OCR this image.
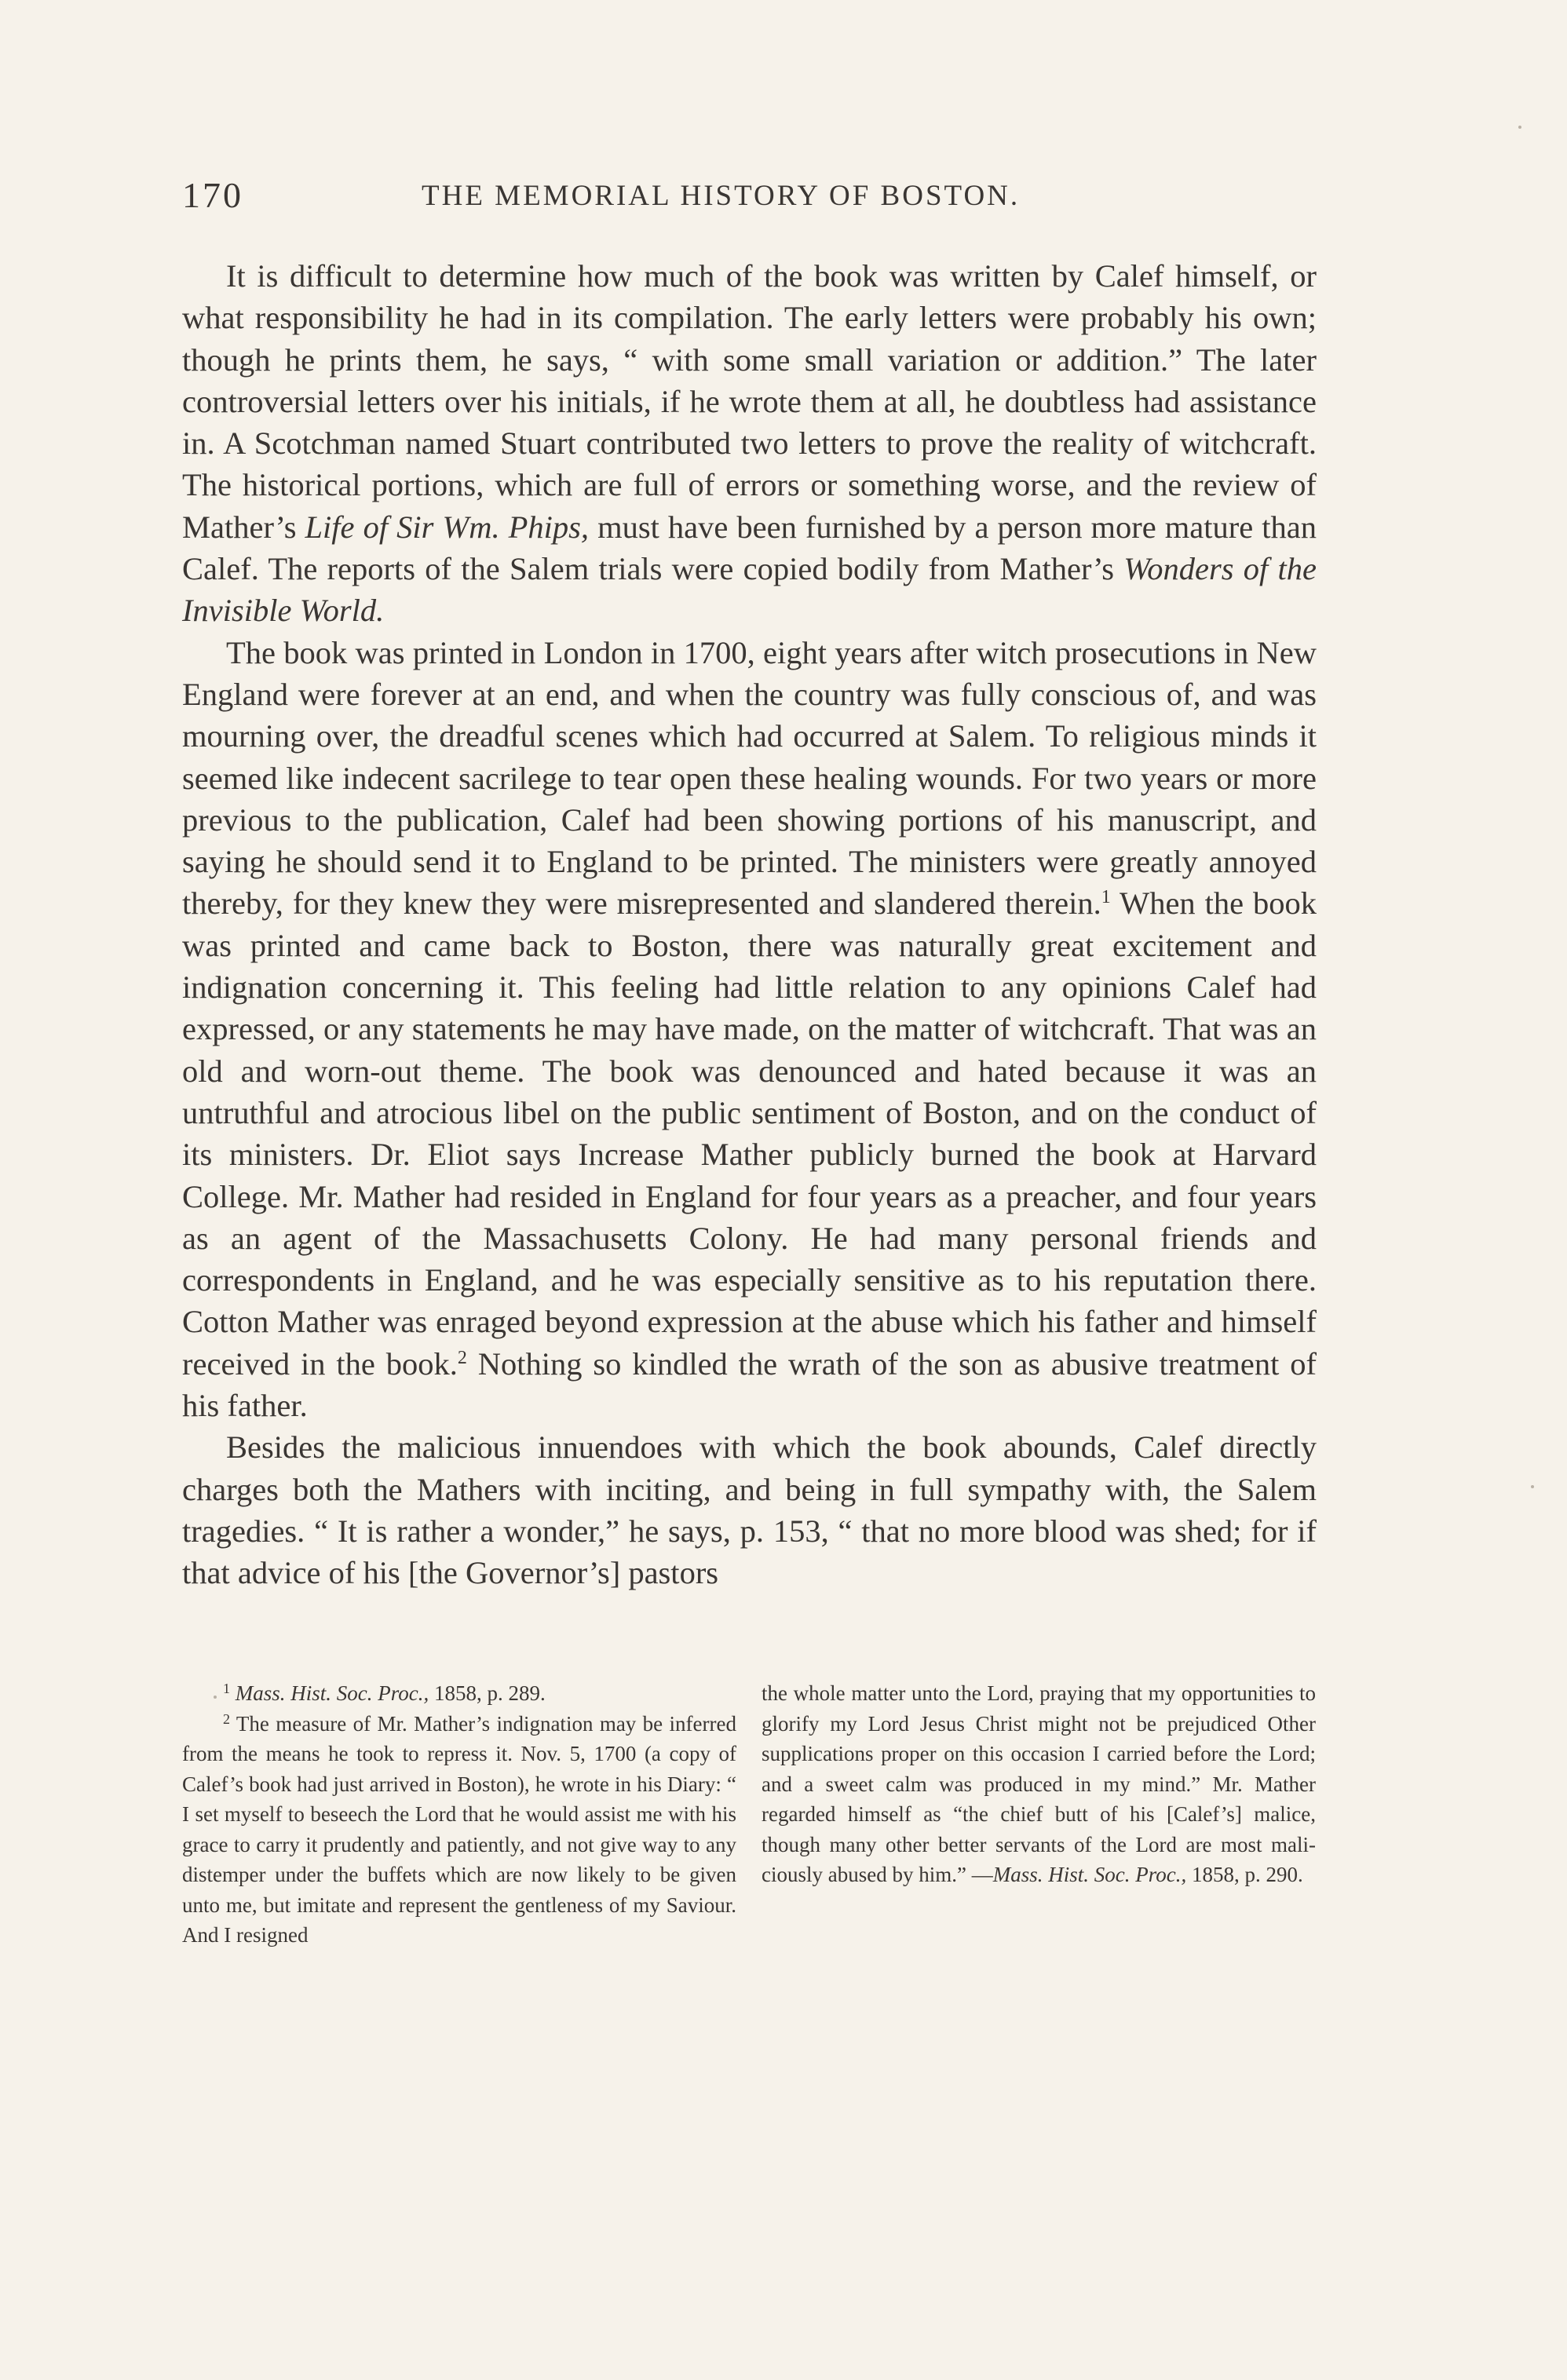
170	THE MEMORIAL HISTORY OF BOSTON.

It is difficult to determine how much of the book was written by Calef himself, or what responsibility he had in its compilation. The early letters were probably his own; though he prints them, he says, “ with some small variation or addition.” The later controversial letters over his initials, if he wrote them at all, he doubtless had assistance in. A Scotchman named Stuart contributed two letters to prove the reality of witchcraft. The historical portions, which are full of errors or something worse, and the review of Mather’s Life of Sir Wm. Phips, must have been furnished by a person more mature than Calef. The reports of the Salem trials were copied bodily from Mather’s Wonders of the Invisible World.

The book was printed in London in 1700, eight years after witch prosecutions in New England were forever at an end, and when the country was fully conscious of, and was mourning over, the dreadful scenes which had occurred at Salem. To religious minds it seemed like indecent sacrilege to tear open these healing wounds. For two years or more previous to the publication, Calef had been showing portions of his manuscript, and saying he should send it to England to be printed. The ministers were greatly annoyed thereby, for they knew they were misrepresented and slandered therein.$^1$ When the book was printed and came back to Boston, there was naturally great excitement and indignation concerning it. This feeling had little relation to any opinions Calef had expressed, or any statements he may have made, on the matter of witchcraft. That was an old and worn-out theme. The book was denounced and hated because it was an untruthful and atrocious libel on the public sentiment of Boston, and on the conduct of its ministers. Dr. Eliot says Increase Mather publicly burned the book at Harvard College. Mr. Mather had resided in England for four years as a preacher, and four years as an agent of the Massachusetts Colony. He had many personal friends and correspondents in England, and he was especially sensitive as to his reputation there. Cotton Mather was enraged beyond expression at the abuse which his father and himself received in the book.$^2$ Nothing so kindled the wrath of the son as abusive treatment of his father.

Besides the malicious innuendoes with which the book abounds, Calef directly charges both the Mathers with inciting, and being in full sympathy with, the Salem tragedies. “ It is rather a wonder,” he says, p. 153, “ that no more blood was shed; for if that advice of his [the Governor’s] pastors

$^1$ Mass. Hist. Soc. Proc., 1858, p. 289.

$^2$ The measure of Mr. Mather’s indignation may be inferred from the means he took to repress it. Nov. 5, 1700 (a copy of Calef’s book had just arrived in Boston), he wrote in his Diary: “ I set myself to beseech the Lord that he would assist me with his grace to carry it prudently and patiently, and not give way to any distemper under the buffets which are now likely to be given unto me, but imitate and represent the gentleness of my Saviour. And I resigned

the whole matter unto the Lord, praying that my opportunities to glorify my Lord Jesus Christ might not be prejudiced Other supplications proper on this occasion I carried before the Lord; and a sweet calm was produced in my mind.” Mr. Mather regarded himself as “the chief butt of his [Calef’s] malice, though many other better servants of the Lord are most maliciously abused by him.” —Mass. Hist. Soc. Proc., 1858, p. 290.
